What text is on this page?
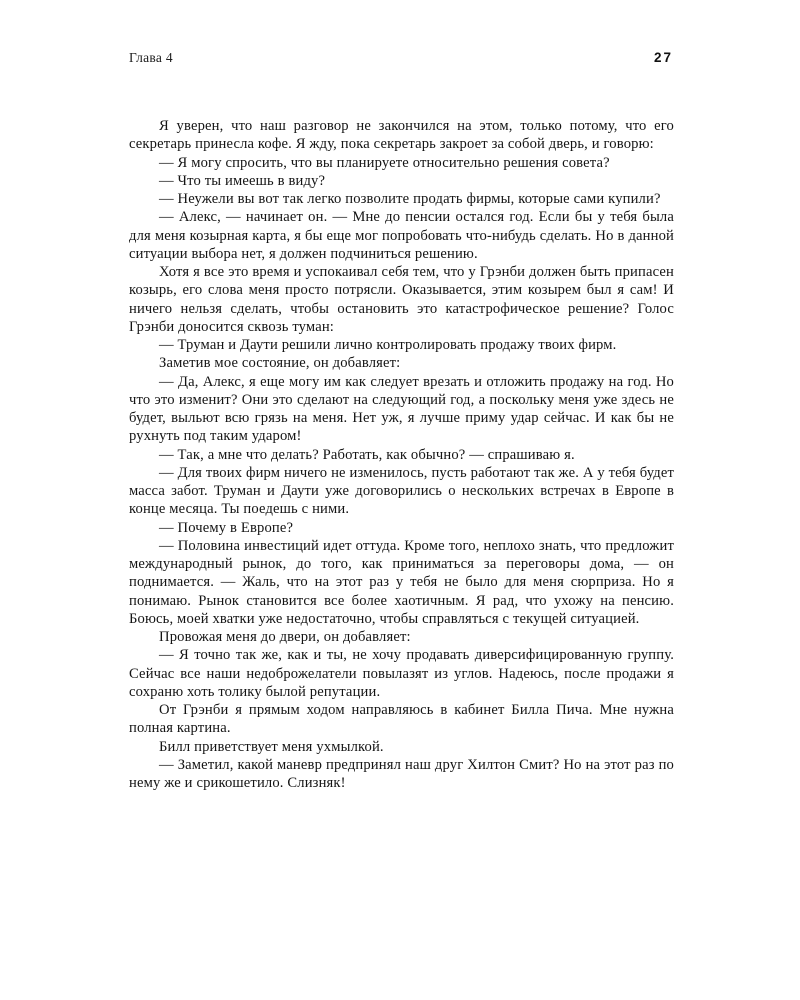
Глава 4	27

Я уверен, что наш разговор не закончился на этом, только потому, что его секретарь принесла кофе. Я жду, пока секретарь закроет за собой дверь, и говорю:

— Я могу спросить, что вы планируете относительно решения совета?

— Что ты имеешь в виду?

— Неужели вы вот так легко позволите продать фирмы, которые сами купили?

— Алекс, — начинает он. — Мне до пенсии остался год. Если бы у тебя была для меня козырная карта, я бы еще мог попробовать что-нибудь сделать. Но в данной ситуации выбора нет, я должен подчиниться решению.

Хотя я все это время и успокаивал себя тем, что у Грэнби должен быть припасен козырь, его слова меня просто потрясли. Оказывается, этим козырем был я сам! И ничего нельзя сделать, чтобы остановить это катастрофическое решение? Голос Грэнби доносится сквозь туман:

— Труман и Даути решили лично контролировать продажу твоих фирм.

Заметив мое состояние, он добавляет:

— Да, Алекс, я еще могу им как следует врезать и отложить продажу на год. Но что это изменит? Они это сделают на следующий год, а поскольку меня уже здесь не будет, выльют всю грязь на меня. Нет уж, я лучше приму удар сейчас. И как бы не рухнуть под таким ударом!

— Так, а мне что делать? Работать, как обычно? — спрашиваю я.

— Для твоих фирм ничего не изменилось, пусть работают так же. А у тебя будет масса забот. Труман и Даути уже договорились о нескольких встречах в Европе в конце месяца. Ты поедешь с ними.

— Почему в Европе?

— Половина инвестиций идет оттуда. Кроме того, неплохо знать, что предложит международный рынок, до того, как приниматься за переговоры дома, — он поднимается. — Жаль, что на этот раз у тебя не было для меня сюрприза. Но я понимаю. Рынок становится все более хаотичным. Я рад, что ухожу на пенсию. Боюсь, моей хватки уже недостаточно, чтобы справляться с текущей ситуацией.

Провожая меня до двери, он добавляет:

— Я точно так же, как и ты, не хочу продавать диверсифицированную группу. Сейчас все наши недоброжелатели повылазят из углов. Надеюсь, после продажи я сохраню хоть толику былой репутации.

От Грэнби я прямым ходом направляюсь в кабинет Билла Пича. Мне нужна полная картина.

Билл приветствует меня ухмылкой.

— Заметил, какой маневр предпринял наш друг Хилтон Смит? Но на этот раз по нему же и срикошетило. Слизняк!
